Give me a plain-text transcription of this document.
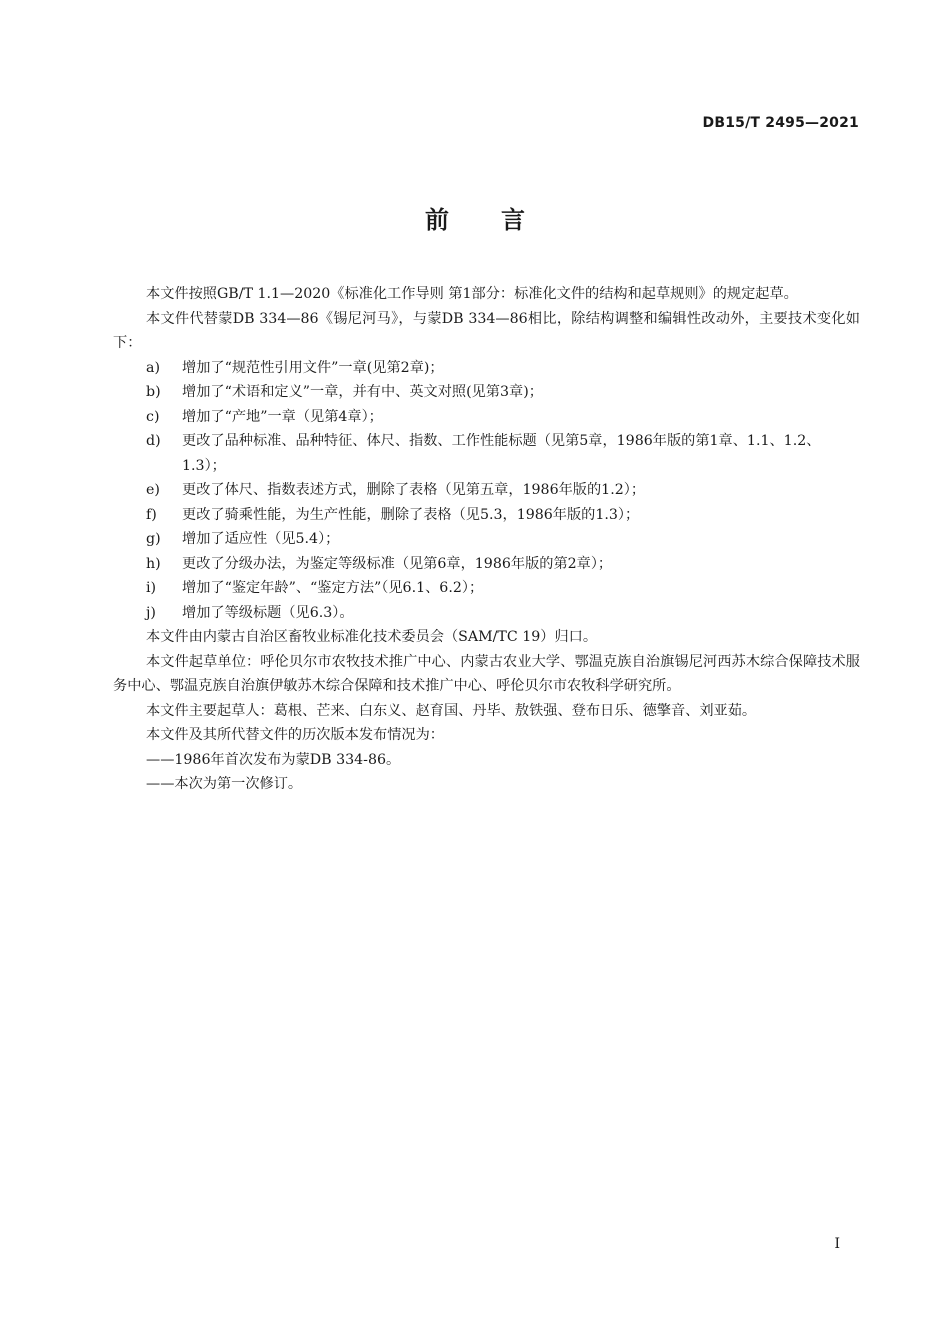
DB15/T 2495—2021
前言

本文件按照GB/T 1.1—2020《标准化工作导则 第1部分：标准化文件的结构和起草规则》的规定起草。

本文件代替蒙DB 334—86《锡尼河马》，与蒙DB 334—86相比，除结构调整和编辑性改动外，主要技术变化如下：

a)	增加了“规范性引用文件”一章(见第2章)；
b)	增加了“术语和定义”一章，并有中、英文对照(见第3章)；
c)	增加了“产地”一章（见第4章）；
d)	更改了品种标准、品种特征、体尺、指数、工作性能标题（见第5章，1986年版的第1章、1.1、1.2、1.3）；
e)	更改了体尺、指数表述方式，删除了表格（见第五章，1986年版的1.2）；
f)	更改了骑乘性能，为生产性能，删除了表格（见5.3，1986年版的1.3）；
g)	增加了适应性（见5.4）；
h)	更改了分级办法，为鉴定等级标准（见第6章，1986年版的第2章）；
i)	增加了“鉴定年龄”、“鉴定方法”（见6.1、6.2）；
j)	增加了等级标题（见6.3）。

本文件由内蒙古自治区畜牧业标准化技术委员会（SAM/TC 19）归口。

本文件起草单位：呼伦贝尔市农牧技术推广中心、内蒙古农业大学、鄂温克族自治旗锡尼河西苏木综合保障技术服务中心、鄂温克族自治旗伊敏苏木综合保障和技术推广中心、呼伦贝尔市农牧科学研究所。

本文件主要起草人：葛根、芒来、白东义、赵育国、丹毕、敖铁强、登布日乐、德擎音、刘亚茹。

本文件及其所代替文件的历次版本发布情况为：

——1986年首次发布为蒙DB 334-86。

——本次为第一次修订。

I
